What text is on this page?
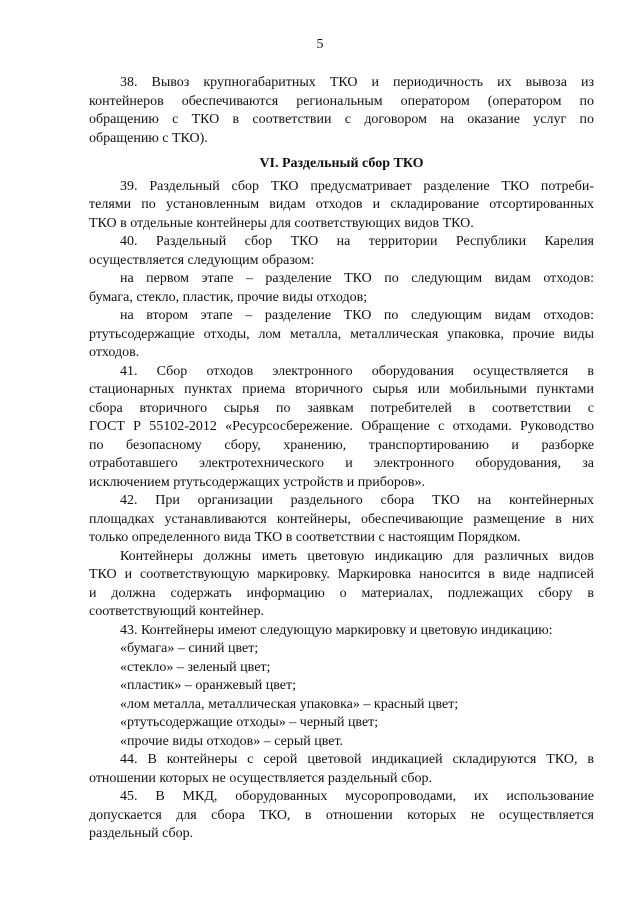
5
38. Вывоз крупногабаритных ТКО и периодичность их вывоза из
контейнеров обеспечиваются региональным оператором (оператором по
обращению с ТКО в соответствии с договором на оказание услуг по
обращению с ТКО).
VI. Раздельный сбор ТКО
39. Раздельный сбор ТКО предусматривает разделение ТКО потреби-
телями по установленным видам отходов и складирование отсортированных
ТКО в отдельные контейнеры для соответствующих видов ТКО.
40. Раздельный сбор ТКО на территории Республики Карелия
осуществляется следующим образом:
на первом этапе – разделение ТКО по следующим видам отходов:
бумага, стекло, пластик, прочие виды отходов;
на втором этапе – разделение ТКО по следующим видам отходов:
ртутьсодержащие отходы, лом металла, металлическая упаковка, прочие виды
отходов.
41. Сбор отходов электронного оборудования осуществляется в
стационарных пунктах приема вторичного сырья или мобильными пунктами
сбора вторичного сырья по заявкам потребителей в соответствии с
ГОСТ Р 55102-2012 «Ресурсосбережение. Обращение с отходами. Руководство
по безопасному сбору, хранению, транспортированию и разборке
отработавшего электротехнического и электронного оборудования, за
исключением ртутьсодержащих устройств и приборов».
42. При организации раздельного сбора ТКО на контейнерных
площадках устанавливаются контейнеры, обеспечивающие размещение в них
только определенного вида ТКО в соответствии с настоящим Порядком.
Контейнеры должны иметь цветовую индикацию для различных видов
ТКО и соответствующую маркировку. Маркировка наносится в виде надписей
и должна содержать информацию о материалах, подлежащих сбору в
соответствующий контейнер.
43. Контейнеры имеют следующую маркировку и цветовую индикацию:
«бумага» – синий цвет;
«стекло» – зеленый цвет;
«пластик» – оранжевый цвет;
«лом металла, металлическая упаковка» – красный цвет;
«ртутьсодержащие отходы» – черный цвет;
«прочие виды отходов» – серый цвет.
44. В контейнеры с серой цветовой индикацией складируются ТКО, в
отношении которых не осуществляется раздельный сбор.
45. В МКД, оборудованных мусоропроводами, их использование
допускается для сбора ТКО, в отношении которых не осуществляется
раздельный сбор.
